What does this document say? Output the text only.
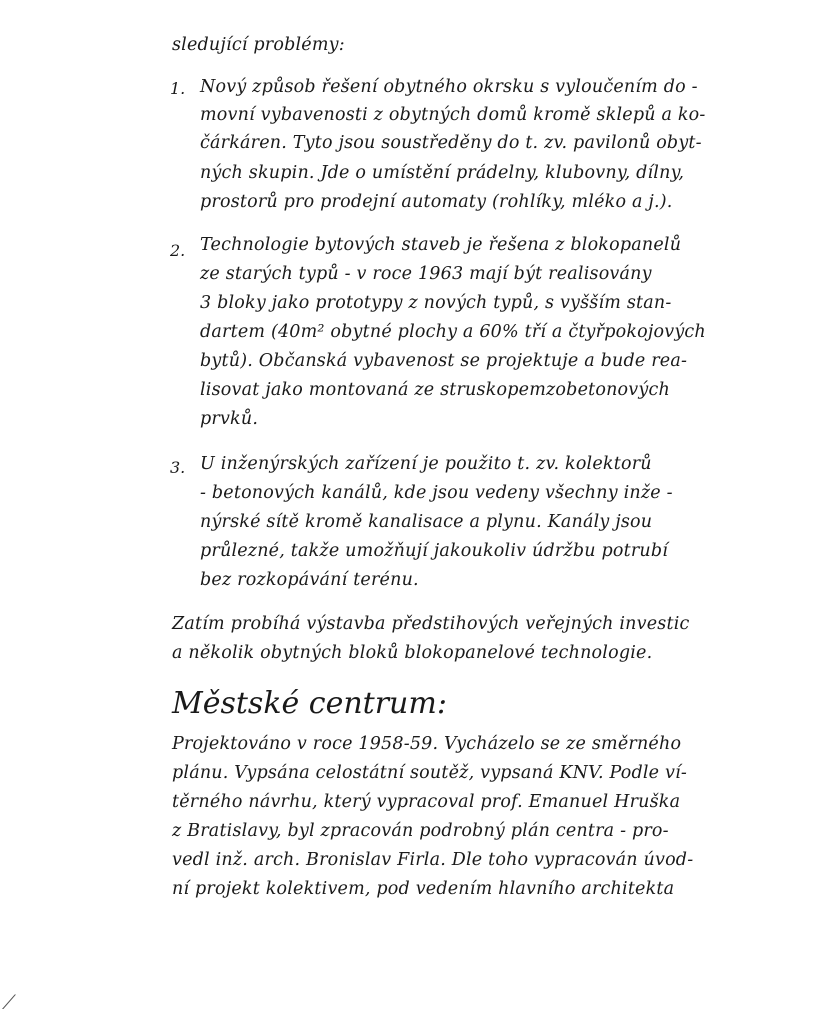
sledující problémy:
1. Nový způsob řešení obytného okrsku s vyloučením do -
movní vybavenosti z obytných domů kromě sklepů a ko-
čárkáren. Tyto jsou soustředěny do t. zv. pavilonů obyt-
ných skupin. Jde o umístění prádelny, klubovny, dílny,
prostorů pro prodejní automaty (rohlíky, mléko a j.).
2. Technologie bytových staveb je řešena z blokopanelů
ze starých typů - v roce 1963 mají být realisovány
3 bloky jako prototypy z nových typů, s vyšším stan-
dartem (40m² obytné plochy a 60% tří a čtyřpokojových
bytů). Občanská vybavenost se projektuje a bude rea-
lisovat jako montovaná ze struskopemzobetonových
prvků.
3. U inženýrských zařízení je použito t. zv. kolektorů
- betonových kanálů, kde jsou vedeny všechny inže -
nýrské sítě kromě kanalisace a plynu. Kanály jsou
průlezné, takže umožňují jakoukoliv údržbu potrubí
bez rozkopávání terénu.
Zatím probíhá výstavba předstihových veřejných investic
a několik obytných bloků blokopanelové technologie.
Městské centrum:
Projektováno v roce 1958-59. Vycházelo se ze směrného
plánu. Vypsána celostátní soutěž, vypsaná KNV. Podle ví-
těrného návrhu, který vypracoval prof. Emanuel Hruška
z Bratislavy, byl zpracován podrobný plán centra - pro-
vedl inž. arch. Bronislav Firla. Dle toho vypracován úvod-
ní projekt kolektivem, pod vedením hlavního architekta
⟋
